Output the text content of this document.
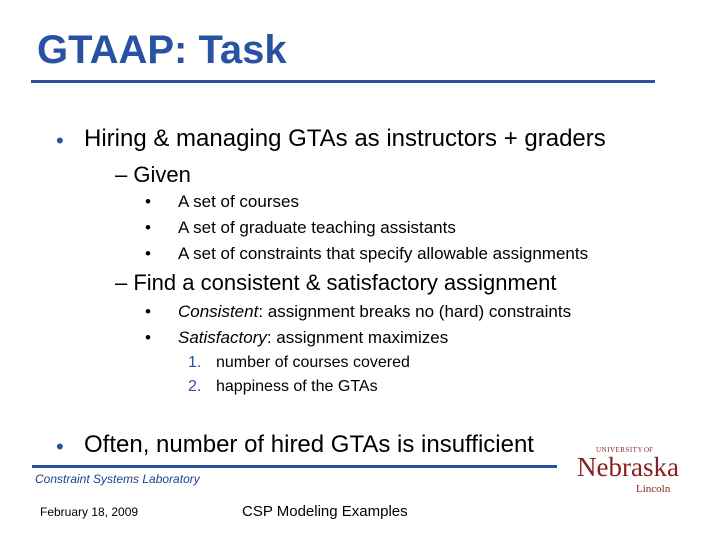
GTAAP: Task
• Hiring & managing GTAs as instructors + graders
– Given
• A set of courses
• A set of graduate teaching assistants
• A set of constraints that specify allowable assignments
– Find a consistent & satisfactory assignment
• Consistent: assignment breaks no (hard) constraints
• Satisfactory: assignment maximizes
1. number of courses covered
2. happiness of the GTAs
• Often, number of hired GTAs is insufficient
Constraint Systems Laboratory
February 18, 2009	CSP Modeling Examples
UNIVERSITY OF
Nebraska
Lincoln
